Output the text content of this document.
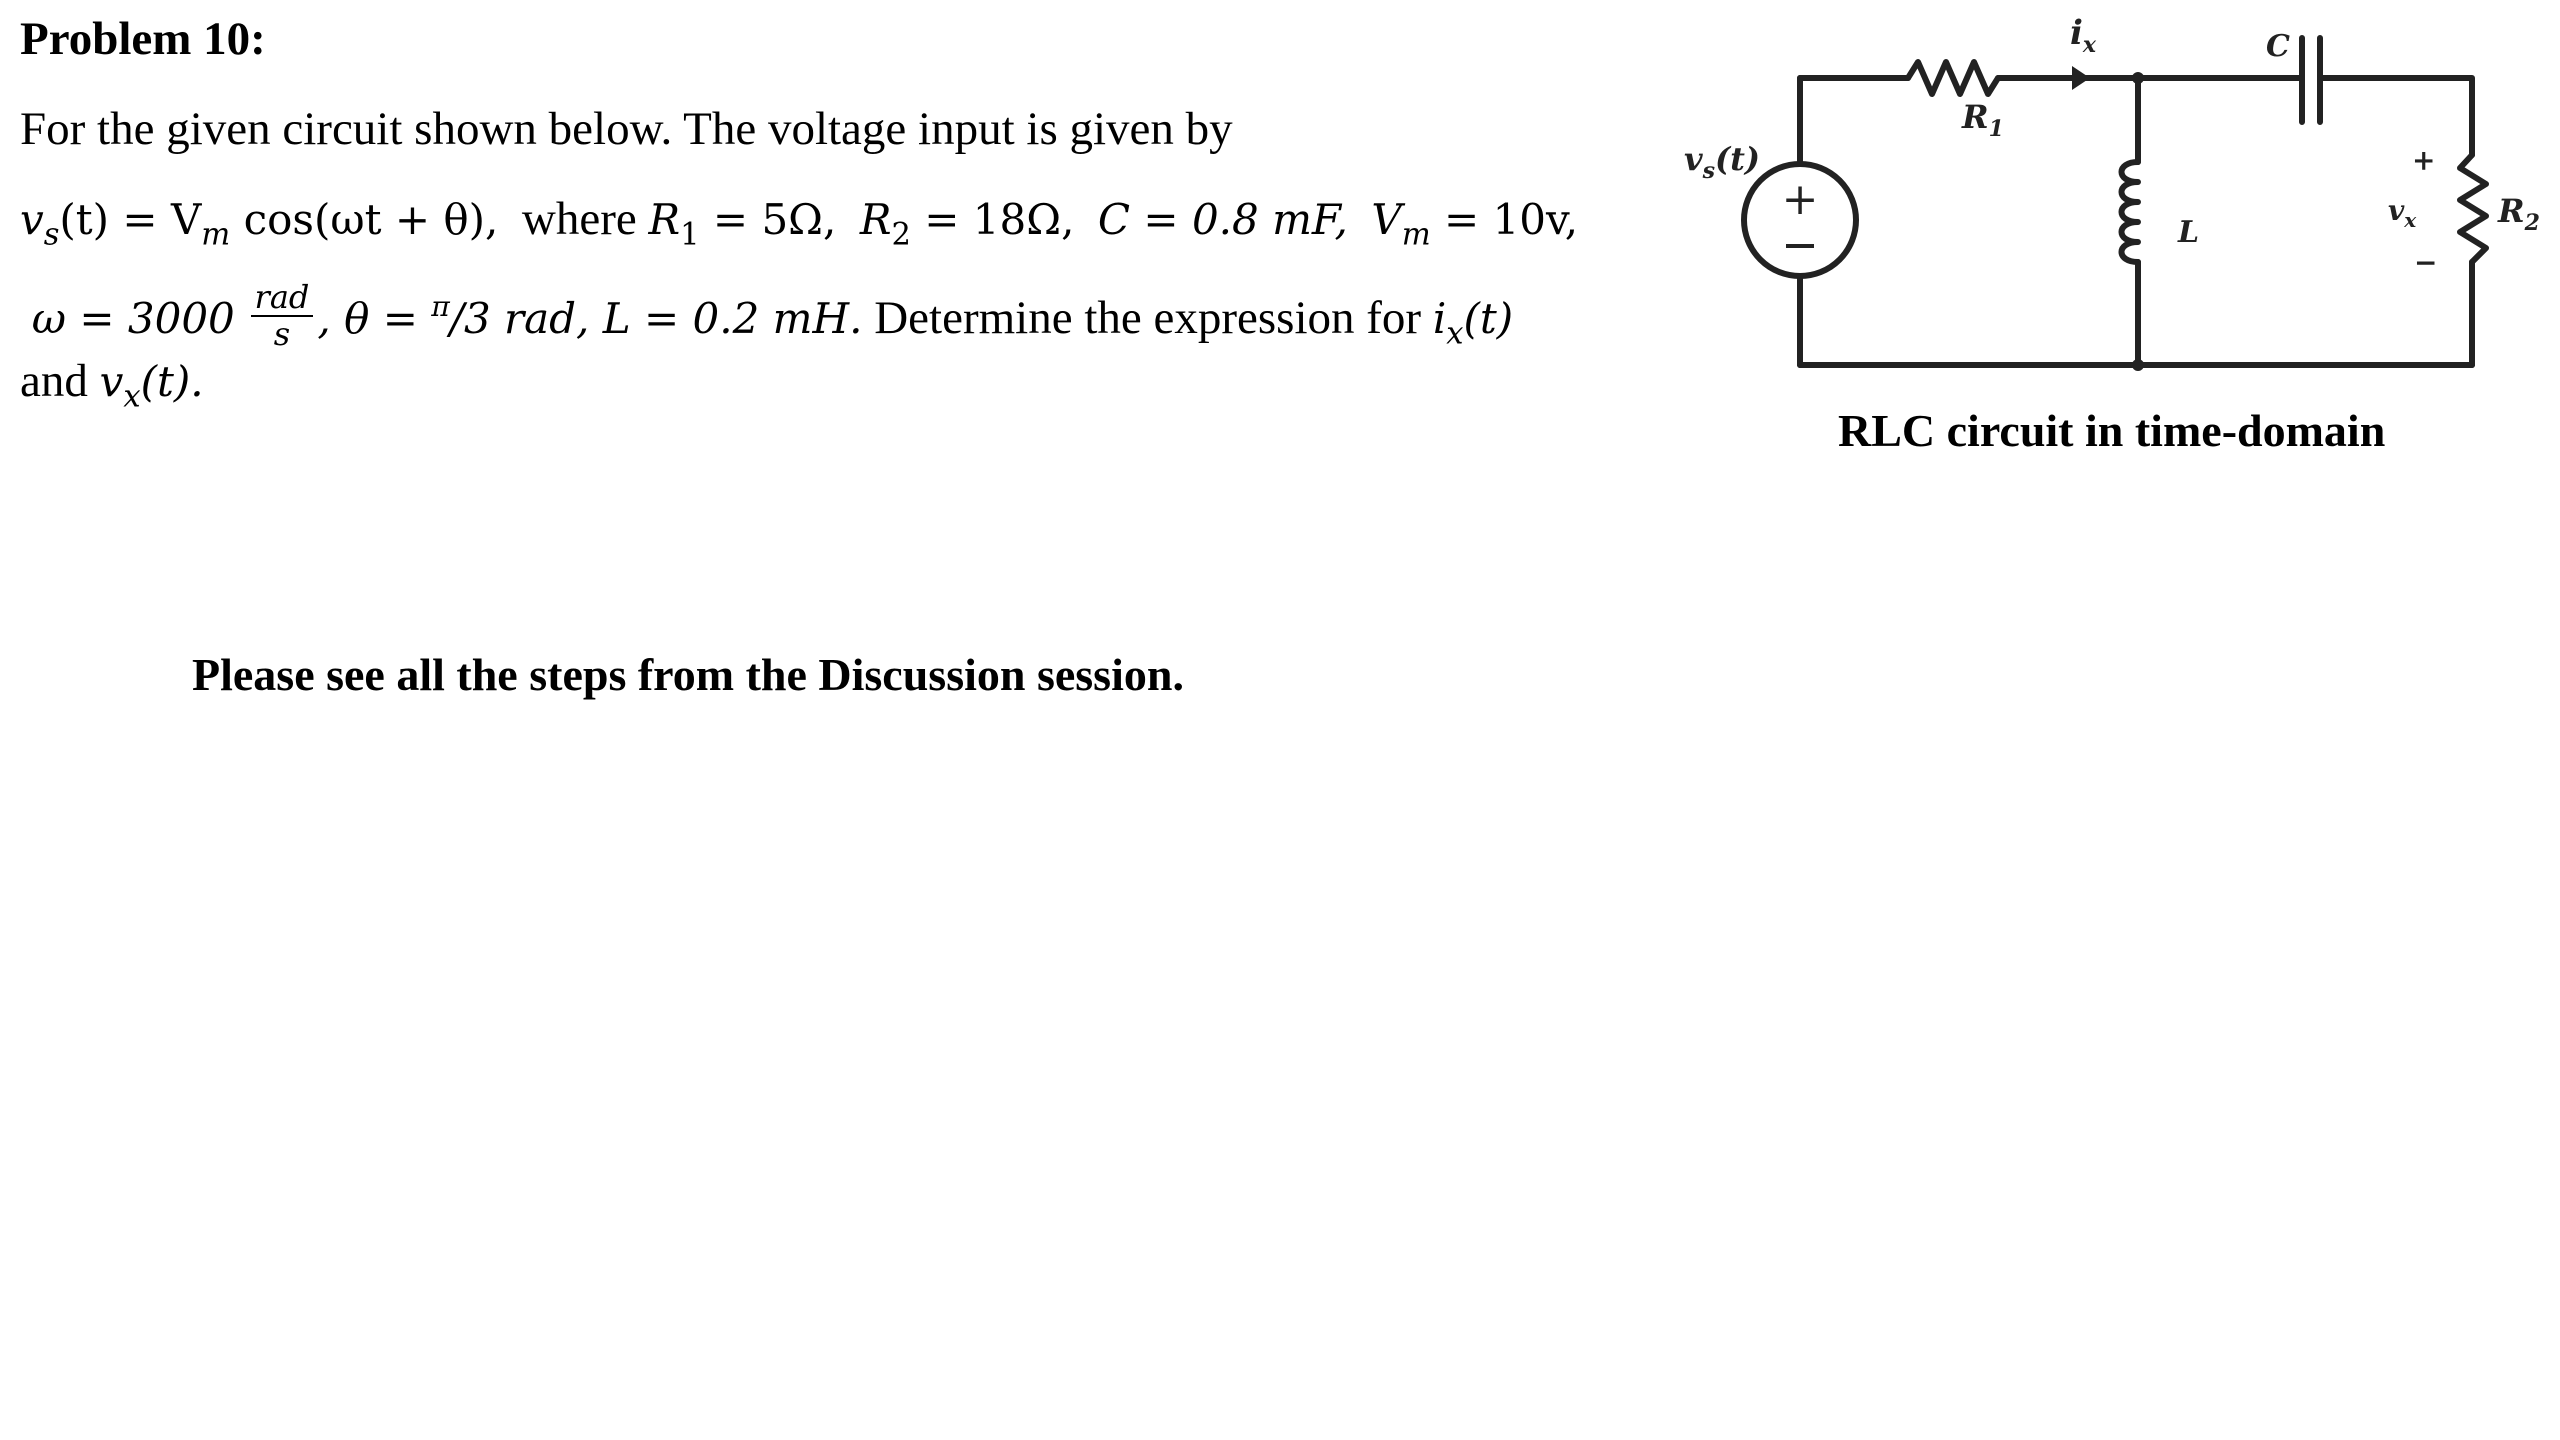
Problem 10:
For the given circuit shown below. The voltage input is given by
$v_s(t) = V_m$ cos(ωt + θ), where $R_1 = 5\Omega$, $R_2 = 18\Omega$, C = 0.8 mF, $V_m = 10v$,
$\omega = 3000 \frac{\text{rad}}{s}$ , θ = $^\pi$/3 rad, L = 0.2 mH. Determine the expression for $i_x(t)$
and $v_x(t)$.
Please see all the steps from the Discussion session.
+
$i_x$	C
$R_1$
$v_s(t)$
L
+
$v_x$
−
$R_2$
RLC circuit in time-domain
